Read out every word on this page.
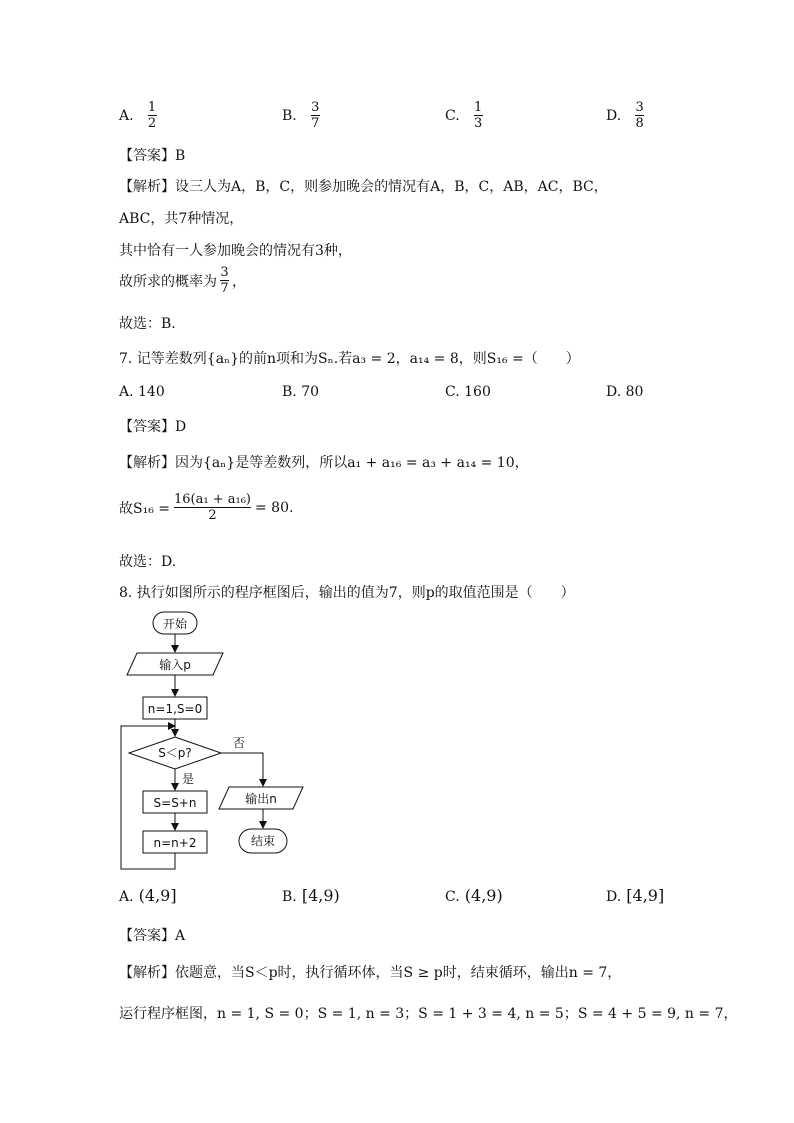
A. $\frac{1}{2}$	B. $\frac{3}{7}$	C. $\frac{1}{3}$	D. $\frac{3}{8}$
【答案】B
【解析】设三人为A，B，C，则参加晚会的情况有A，B，C，AB，AC，BC，
ABC，共7种情况，
其中恰有一人参加晚会的情况有3种，
故所求的概率为 $\frac{3}{7}$ ，
故选：B.
7. 记等差数列{aₙ}的前n项和为Sₙ.若a₃ = 2，a₁₄ = 8，则S₁₆ =（　　）
A. 140	B. 70	C. 160	D. 80
【答案】D
【解析】因为{aₙ}是等差数列，所以a₁ + a₁₆ = a₃ + a₁₄ = 10，
故$S_{16} = \frac{\text{16(a₁ + a₁₆)}}{2} = 80$.
故选：D.
8. 执行如图所示的程序框图后，输出的值为7，则p的取值范围是（　　）
开始
输入p
n=1,S=0
S＜p?
否
是
S=S+n
n=n+2
输出n
结束
A. (4,9]	B. [4,9)	C. (4,9)	D. [4,9]
【答案】A
【解析】依题意，当S＜p时，执行循环体，当S ≥ p时，结束循环，输出n = 7，
运行程序框图，n = 1, S = 0；S = 1, n = 3；S = 1 + 3 = 4, n = 5；S = 4 + 5 = 9, n = 7，
